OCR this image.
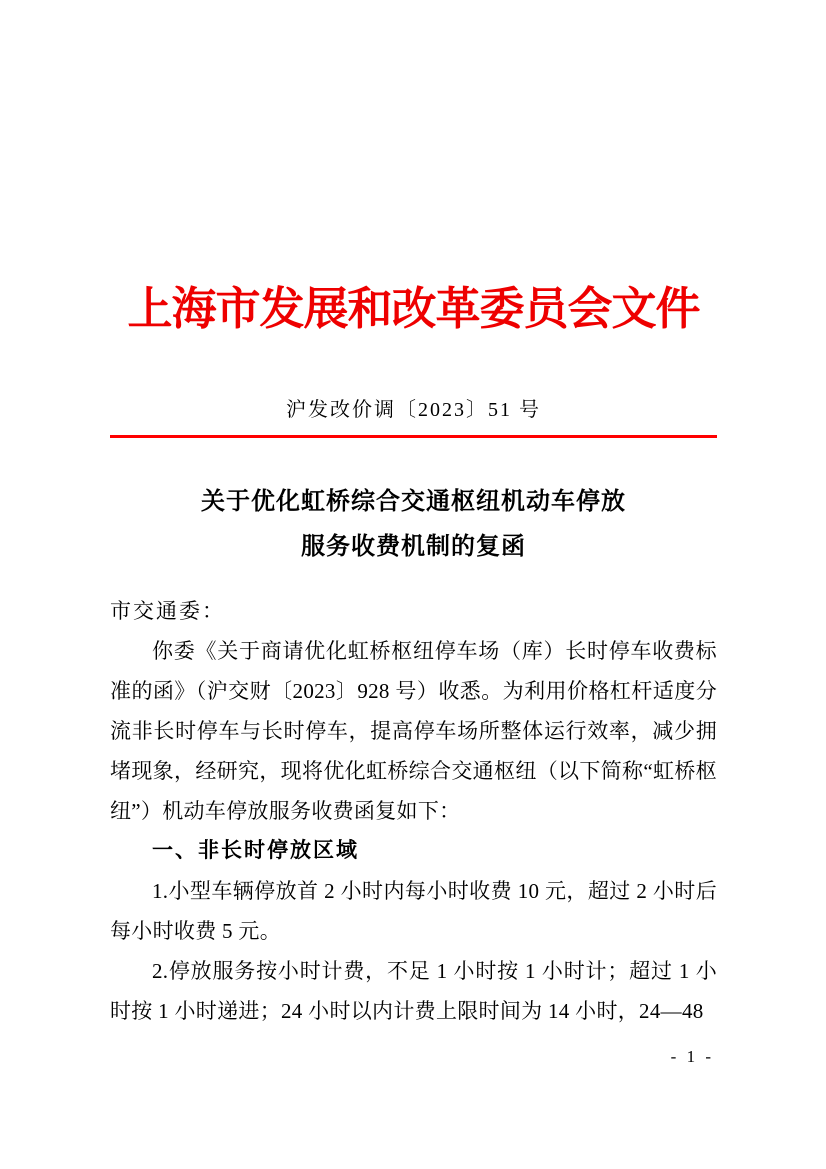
上海市发展和改革委员会文件
沪发改价调〔2023〕51 号
关于优化虹桥综合交通枢纽机动车停放
服务收费机制的复函

市交通委：

你委《关于商请优化虹桥枢纽停车场（库）长时停车收费标准的函》（沪交财〔2023〕928 号）收悉。为利用价格杠杆适度分流非长时停车与长时停车，提高停车场所整体运行效率，减少拥堵现象，经研究，现将优化虹桥综合交通枢纽（以下简称“虹桥枢纽”）机动车停放服务收费函复如下：

一、非长时停放区域

1.小型车辆停放首 2 小时内每小时收费 10 元，超过 2 小时后每小时收费 5 元。

2.停放服务按小时计费，不足 1 小时按 1 小时计；超过 1 小时按 1 小时递进；24 小时以内计费上限时间为 14 小时，24—48

- 1 -
